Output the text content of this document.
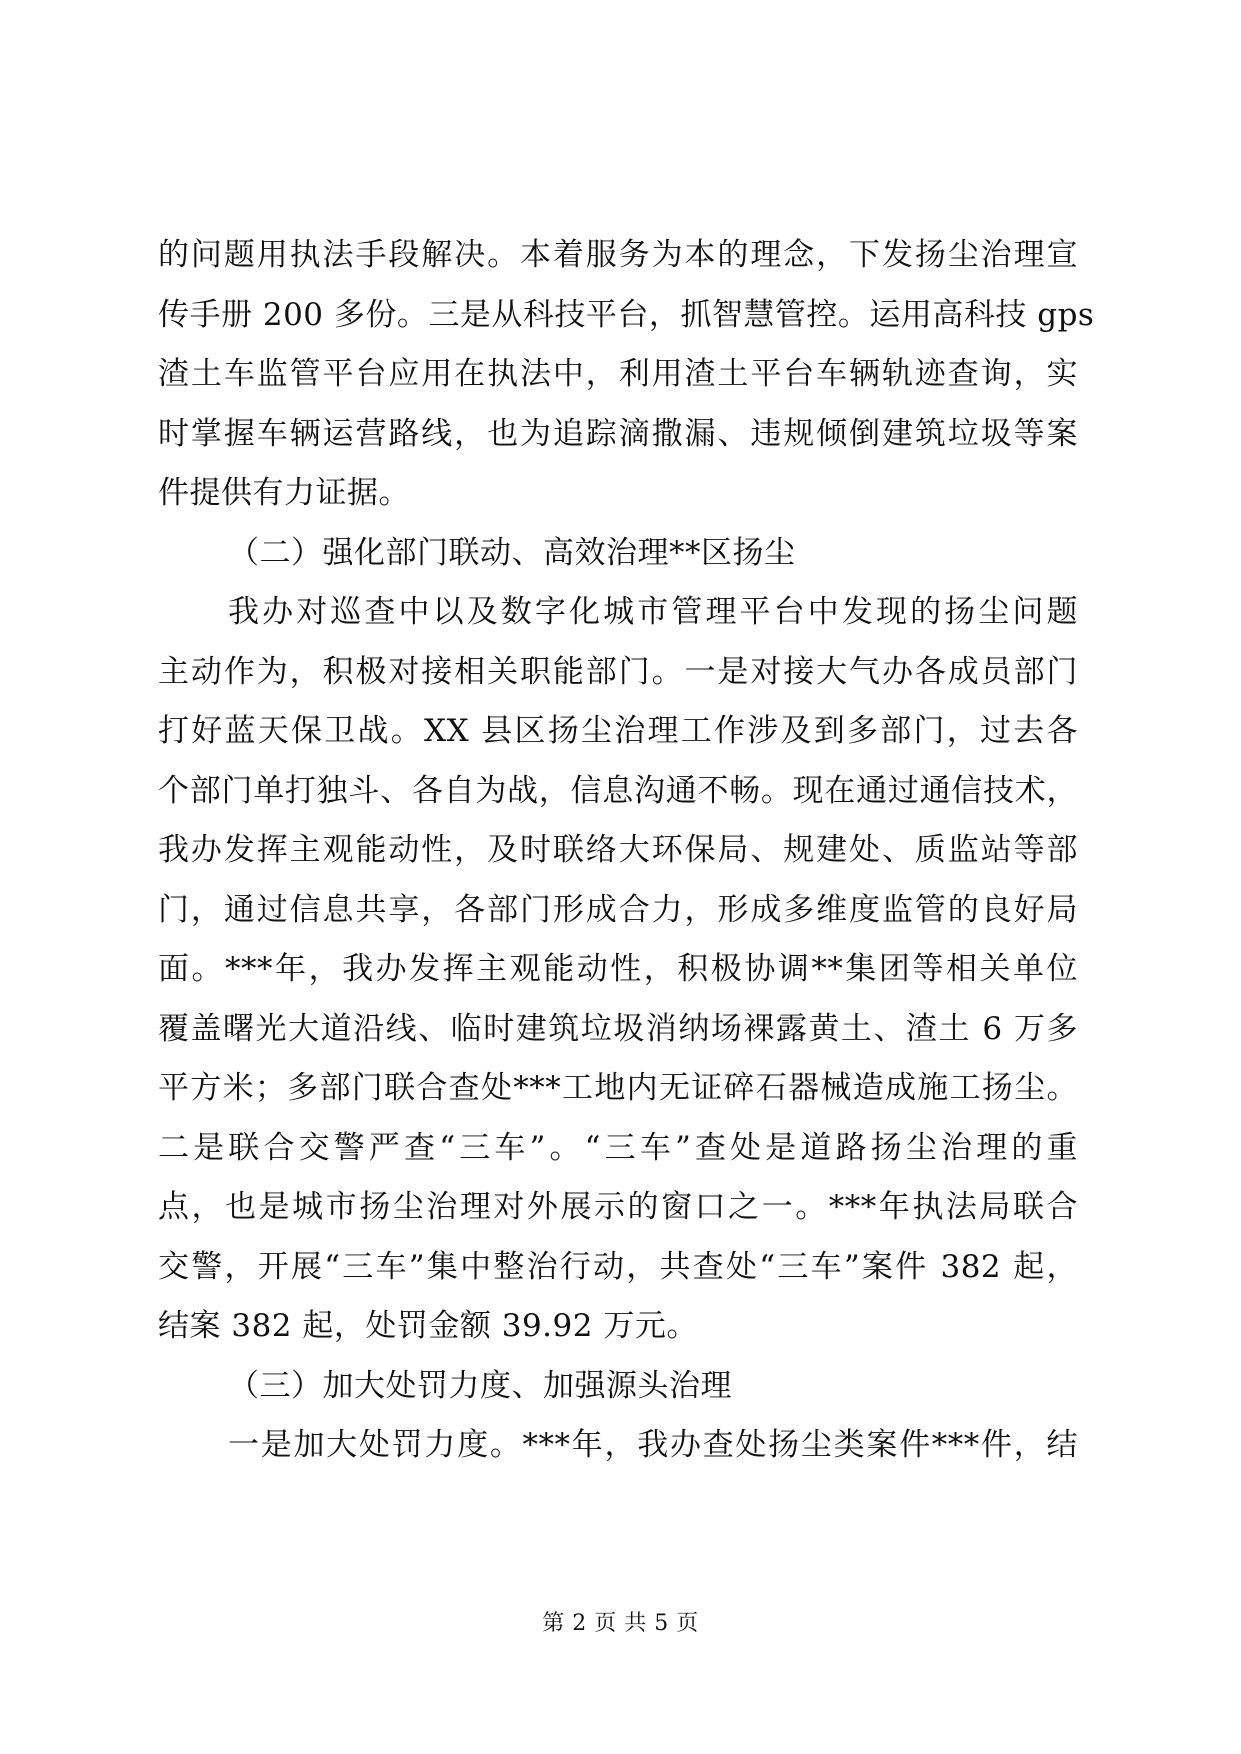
的问题用执法手段解决。本着服务为本的理念，下发扬尘治理宣
传手册 200 多份。三是从科技平台，抓智慧管控。运用高科技 gps
渣土车监管平台应用在执法中，利用渣土平台车辆轨迹查询，实
时掌握车辆运营路线，也为追踪滴撒漏、违规倾倒建筑垃圾等案
件提供有力证据。
（二）强化部门联动、高效治理**区扬尘
我办对巡查中以及数字化城市管理平台中发现的扬尘问题
主动作为，积极对接相关职能部门。一是对接大气办各成员部门
打好蓝天保卫战。XX 县区扬尘治理工作涉及到多部门，过去各
个部门单打独斗、各自为战，信息沟通不畅。现在通过通信技术，
我办发挥主观能动性，及时联络大环保局、规建处、质监站等部
门，通过信息共享，各部门形成合力，形成多维度监管的良好局
面。***年，我办发挥主观能动性，积极协调**集团等相关单位
覆盖曙光大道沿线、临时建筑垃圾消纳场裸露黄土、渣土 6 万多
平方米；多部门联合查处***工地内无证碎石器械造成施工扬尘。
二是联合交警严查“三车”。“三车”查处是道路扬尘治理的重
点，也是城市扬尘治理对外展示的窗口之一。***年执法局联合
交警，开展“三车”集中整治行动，共查处“三车”案件 382 起，
结案 382 起，处罚金额 39.92 万元。
（三）加大处罚力度、加强源头治理
一是加大处罚力度。***年，我办查处扬尘类案件***件，结
第 2 页 共 5 页
